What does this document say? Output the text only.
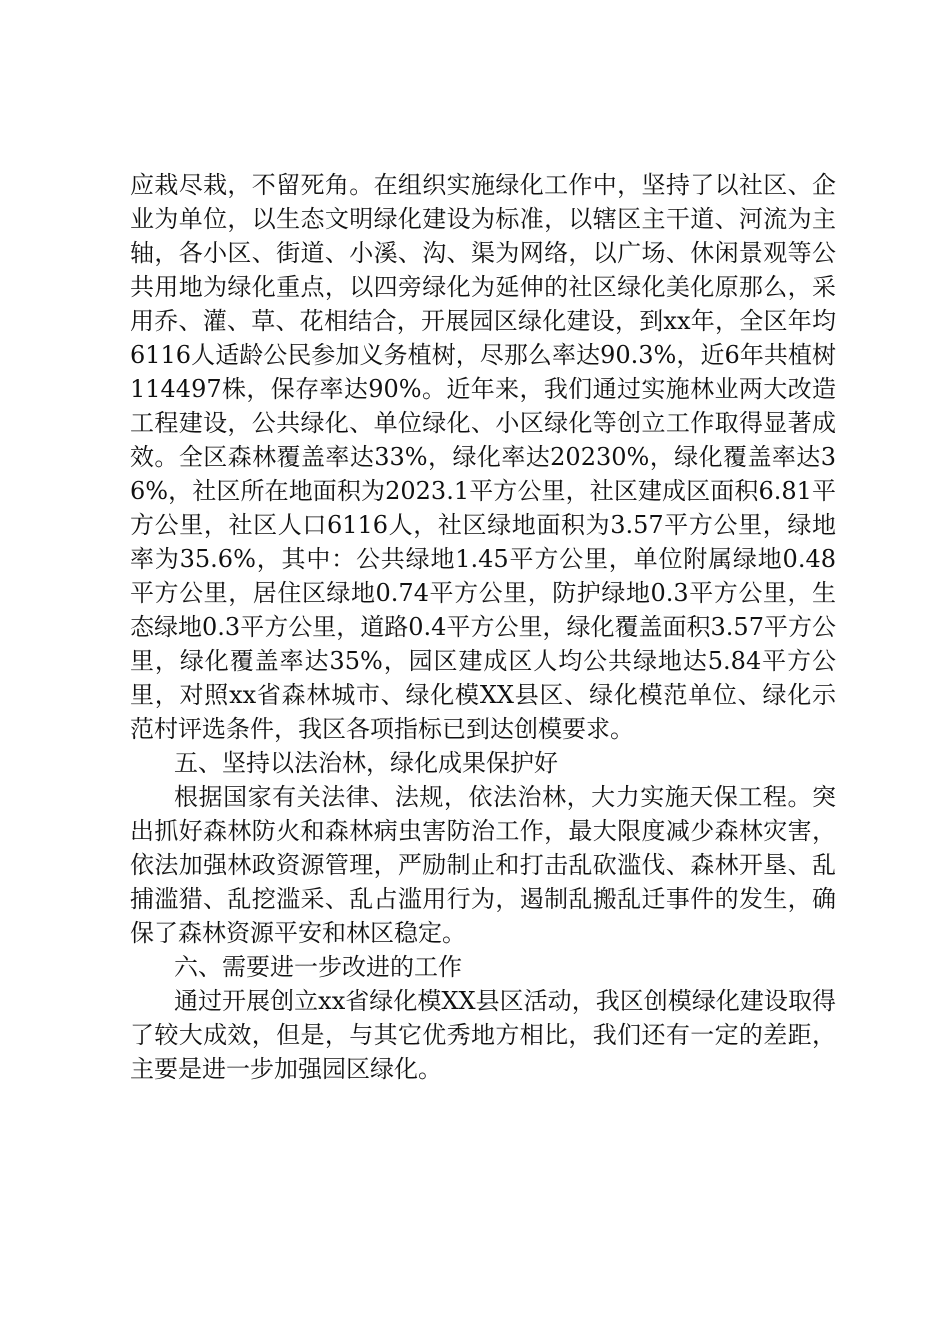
应栽尽栽，不留死角。在组织实施绿化工作中，坚持了以社区、企业为单位，以生态文明绿化建设为标准，以辖区主干道、河流为主轴，各小区、街道、小溪、沟、渠为网络，以广场、休闲景观等公共用地为绿化重点，以四旁绿化为延伸的社区绿化美化原那么，采用乔、灌、草、花相结合，开展园区绿化建设，到xx年，全区年均6116人适龄公民参加义务植树，尽那么率达90.3%，近6年共植树114497株，保存率达90%。近年来，我们通过实施林业两大改造工程建设，公共绿化、单位绿化、小区绿化等创立工作取得显著成效。全区森林覆盖率达33%，绿化率达20230%，绿化覆盖率达36%，社区所在地面积为2023.1平方公里，社区建成区面积6.81平方公里，社区人口6116人，社区绿地面积为3.57平方公里，绿地率为35.6%，其中：公共绿地1.45平方公里，单位附属绿地0.48平方公里，居住区绿地0.74平方公里，防护绿地0.3平方公里，生态绿地0.3平方公里，道路0.4平方公里，绿化覆盖面积3.57平方公里，绿化覆盖率达35%，园区建成区人均公共绿地达5.84平方公里，对照xx省森林城市、绿化模XX县区、绿化模范单位、绿化示范村评选条件，我区各项指标已到达创模要求。

五、坚持以法治林，绿化成果保护好

根据国家有关法律、法规，依法治林，大力实施天保工程。突出抓好森林防火和森林病虫害防治工作，最大限度减少森林灾害，依法加强林政资源管理，严励制止和打击乱砍滥伐、森林开垦、乱捕滥猎、乱挖滥采、乱占滥用行为，遏制乱搬乱迁事件的发生，确保了森林资源平安和林区稳定。

六、需要进一步改进的工作

通过开展创立xx省绿化模XX县区活动，我区创模绿化建设取得了较大成效，但是，与其它优秀地方相比，我们还有一定的差距，主要是进一步加强园区绿化。
